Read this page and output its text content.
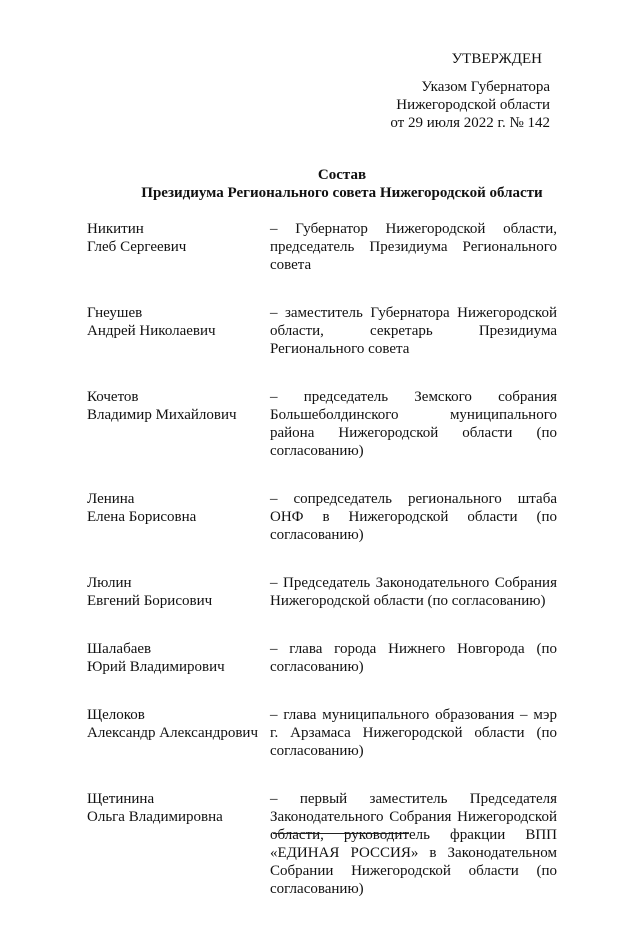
УТВЕРЖДЕН
Указом Губернатора
Нижегородской области
от 29 июля 2022 г. № 142
Состав
Президиума Регионального совета Нижегородской области
Никитин
Глеб Сергеевич
– Губернатор Нижегородской области, председатель Президиума Регионального совета
Гнеушев
Андрей Николаевич
– заместитель Губернатора Нижегородской области, секретарь Президиума Регионального совета
Кочетов
Владимир Михайлович
– председатель Земского собрания Большеболдинского муниципального района Нижегородской области (по согласованию)
Ленина
Елена Борисовна
– сопредседатель регионального штаба ОНФ в Нижегородской области (по согласованию)
Люлин
Евгений Борисович
– Председатель Законодательного Собрания Нижегородской области (по согласованию)
Шалабаев
Юрий Владимирович
– глава города Нижнего Новгорода (по согласованию)
Щелоков
Александр Александрович
– глава муниципального образования – мэр г. Арзамаса Нижегородской области (по согласованию)
Щетинина
Ольга Владимировна
– первый заместитель Председателя Законодательного Собрания Нижегородской области, руководитель фракции ВПП «ЕДИНАЯ РОССИЯ» в Законодательном Собрании Нижегородской области (по согласованию)
